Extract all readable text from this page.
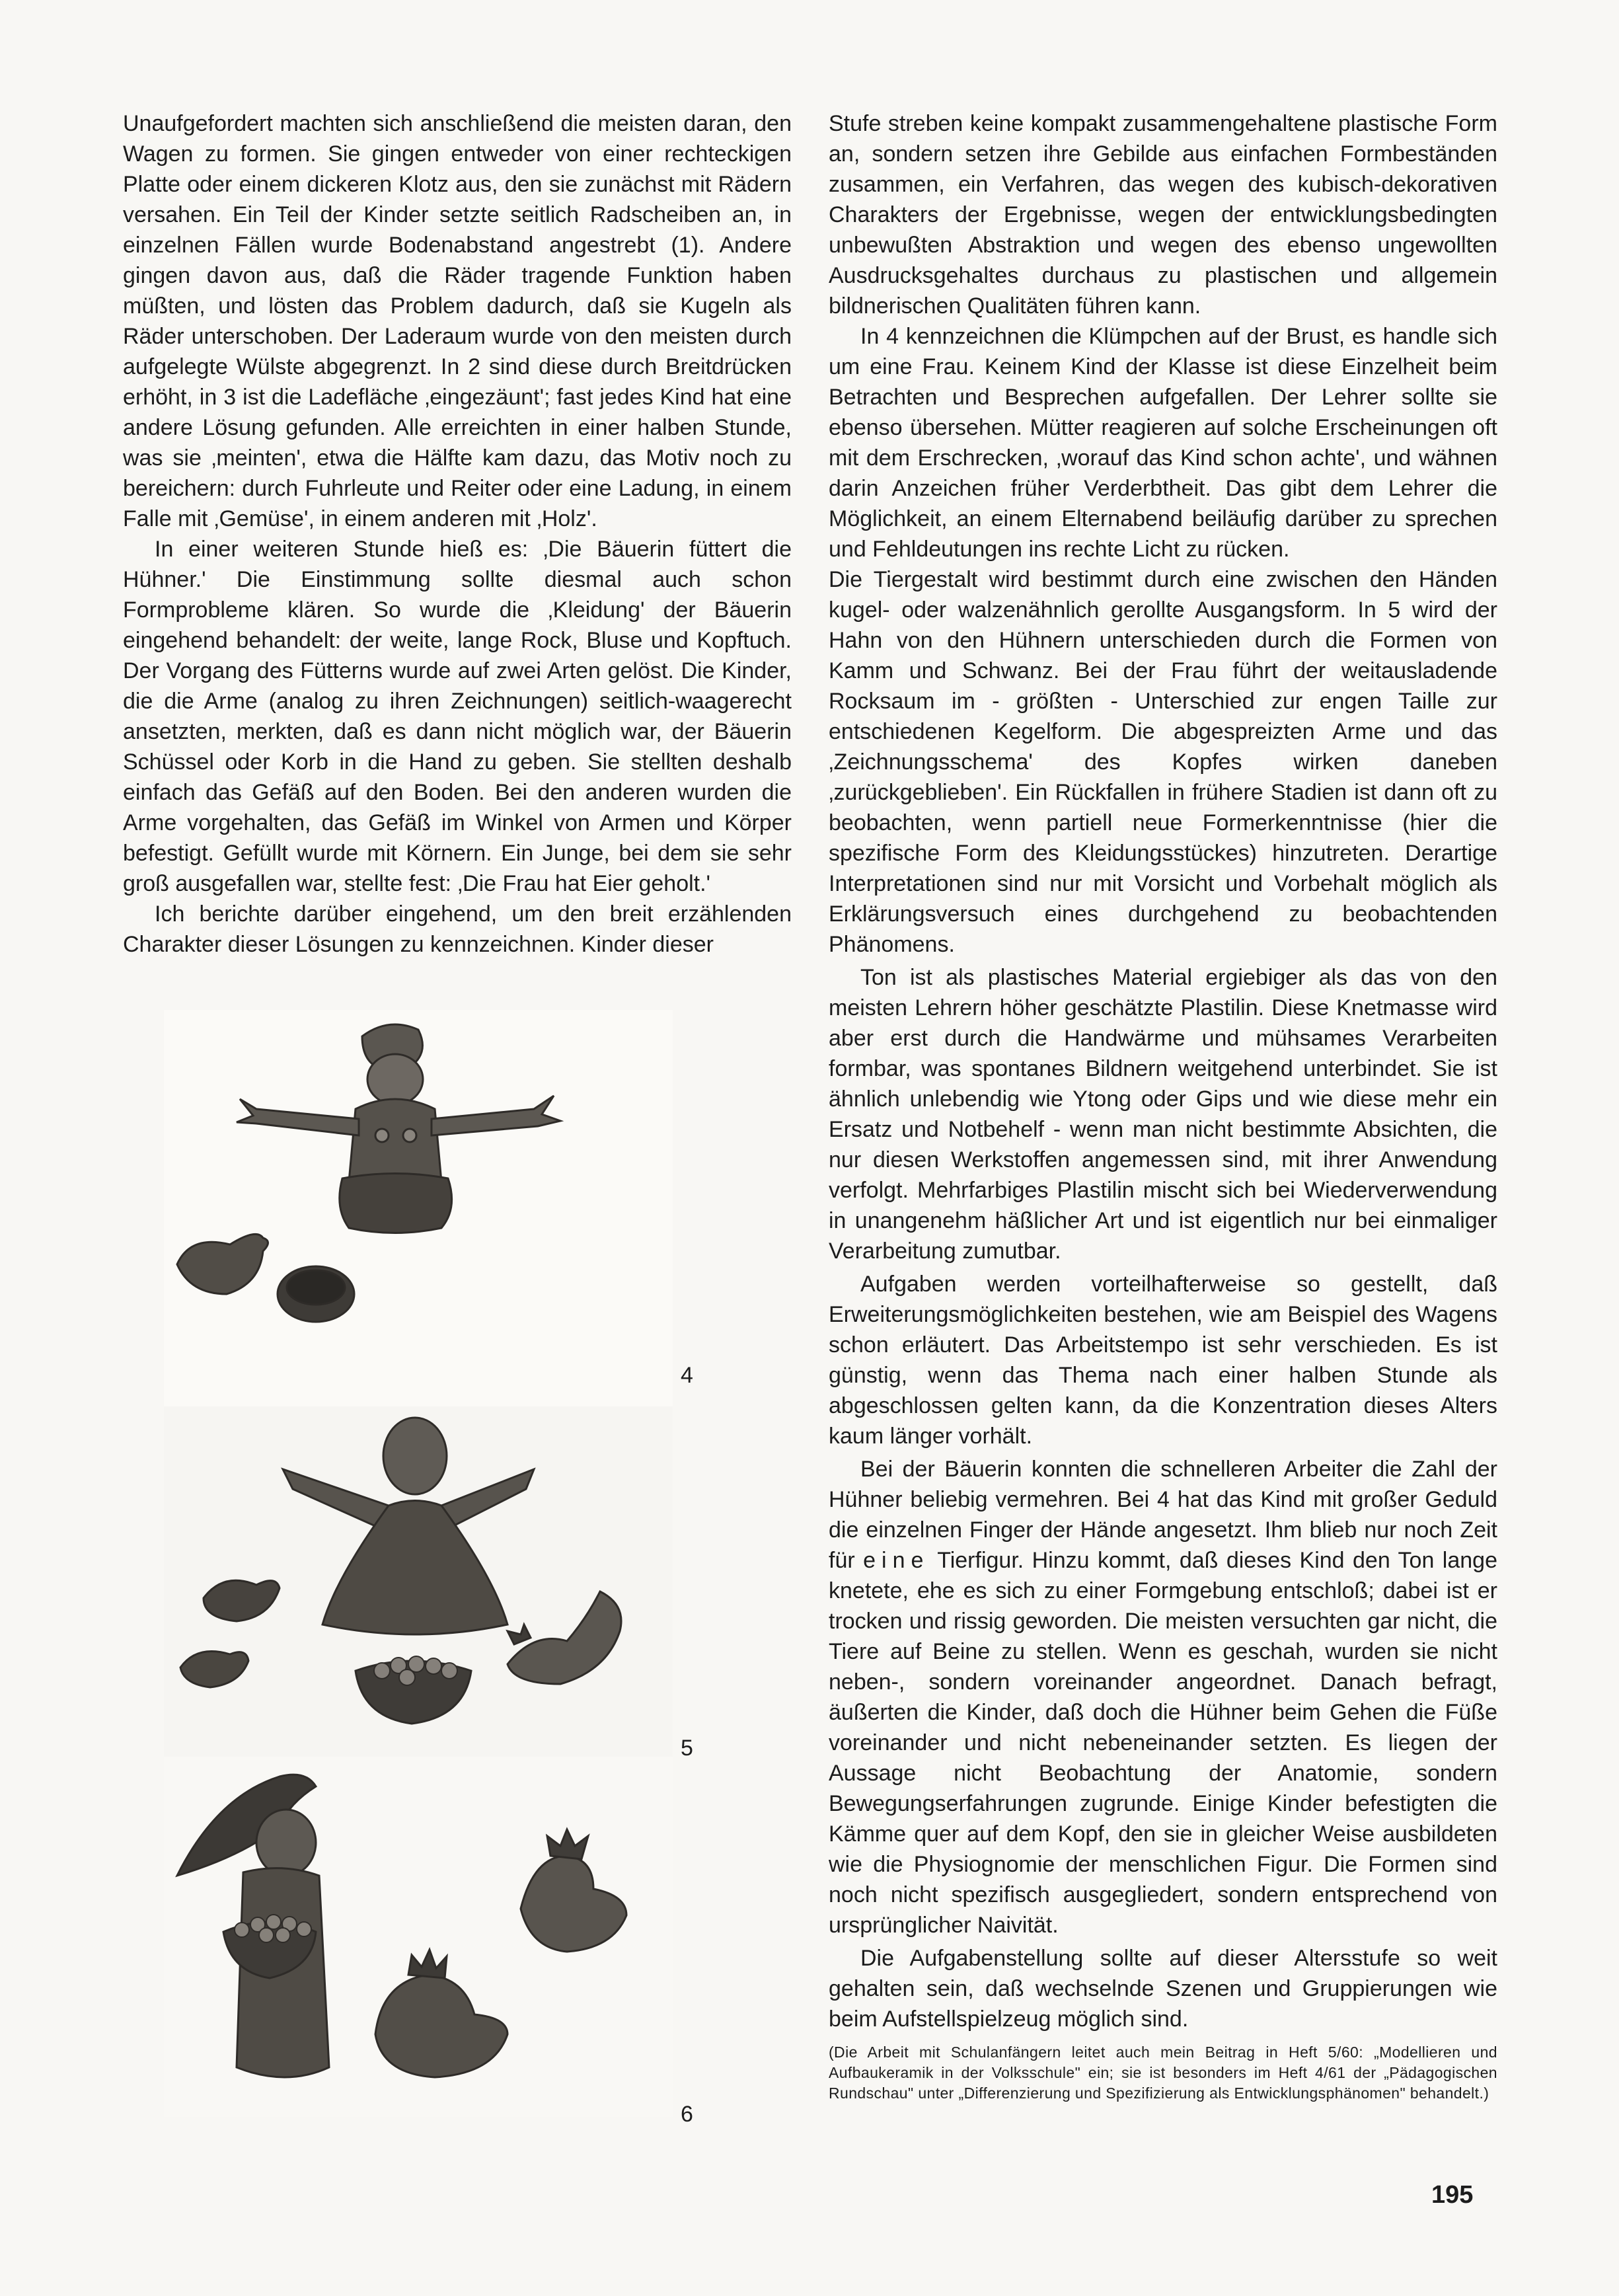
Unaufgefordert machten sich anschließend die meisten daran, den Wagen zu formen. Sie gingen entweder von einer rechteckigen Platte oder einem dickeren Klotz aus, den sie zunächst mit Rädern versahen. Ein Teil der Kinder setzte seitlich Radscheiben an, in einzelnen Fällen wurde Bodenabstand angestrebt (1). Andere gingen davon aus, daß die Räder tragende Funktion haben müßten, und lösten das Problem dadurch, daß sie Kugeln als Räder unterschoben. Der Laderaum wurde von den meisten durch aufgelegte Wülste abgegrenzt. In 2 sind diese durch Breitdrücken erhöht, in 3 ist die Ladefläche ‚eingezäunt'; fast jedes Kind hat eine andere Lösung gefunden. Alle erreichten in einer halben Stunde, was sie ‚meinten', etwa die Hälfte kam dazu, das Motiv noch zu bereichern: durch Fuhrleute und Reiter oder eine Ladung, in einem Falle mit ‚Gemüse', in einem anderen mit ‚Holz'.

In einer weiteren Stunde hieß es: ‚Die Bäuerin füttert die Hühner.' Die Einstimmung sollte diesmal auch schon Formprobleme klären. So wurde die ‚Kleidung' der Bäuerin eingehend behandelt: der weite, lange Rock, Bluse und Kopftuch. Der Vorgang des Fütterns wurde auf zwei Arten gelöst. Die Kinder, die die Arme (analog zu ihren Zeichnungen) seitlich-waagerecht ansetzten, merkten, daß es dann nicht möglich war, der Bäuerin Schüssel oder Korb in die Hand zu geben. Sie stellten deshalb einfach das Gefäß auf den Boden. Bei den anderen wurden die Arme vorgehalten, das Gefäß im Winkel von Armen und Körper befestigt. Gefüllt wurde mit Körnern. Ein Junge, bei dem sie sehr groß ausgefallen war, stellte fest: ‚Die Frau hat Eier geholt.'

Ich berichte darüber eingehend, um den breit erzählenden Charakter dieser Lösungen zu kennzeichnen. Kinder dieser

4
5
6

Stufe streben keine kompakt zusammengehaltene plastische Form an, sondern setzen ihre Gebilde aus einfachen Formbeständen zusammen, ein Verfahren, das wegen des kubisch-dekorativen Charakters der Ergebnisse, wegen der entwicklungsbedingten unbewußten Abstraktion und wegen des ebenso ungewollten Ausdrucksgehaltes durchaus zu plastischen und allgemein bildnerischen Qualitäten führen kann.

In 4 kennzeichnen die Klümpchen auf der Brust, es handle sich um eine Frau. Keinem Kind der Klasse ist diese Einzelheit beim Betrachten und Besprechen aufgefallen. Der Lehrer sollte sie ebenso übersehen. Mütter reagieren auf solche Erscheinungen oft mit dem Erschrecken, ‚worauf das Kind schon achte', und wähnen darin Anzeichen früher Verderbtheit. Das gibt dem Lehrer die Möglichkeit, an einem Elternabend beiläufig darüber zu sprechen und Fehldeutungen ins rechte Licht zu rücken.

Die Tiergestalt wird bestimmt durch eine zwischen den Händen kugel- oder walzenähnlich gerollte Ausgangsform. In 5 wird der Hahn von den Hühnern unterschieden durch die Formen von Kamm und Schwanz. Bei der Frau führt der weitausladende Rocksaum im - größten - Unterschied zur engen Taille zur entschiedenen Kegelform. Die abgespreizten Arme und das ‚Zeichnungsschema' des Kopfes wirken daneben ‚zurückgeblieben'. Ein Rückfallen in frühere Stadien ist dann oft zu beobachten, wenn partiell neue Formerkenntnisse (hier die spezifische Form des Kleidungsstückes) hinzutreten. Derartige Interpretationen sind nur mit Vorsicht und Vorbehalt möglich als Erklärungsversuch eines durchgehend zu beobachtenden Phänomens.

Ton ist als plastisches Material ergiebiger als das von den meisten Lehrern höher geschätzte Plastilin. Diese Knetmasse wird aber erst durch die Handwärme und mühsames Verarbeiten formbar, was spontanes Bildnern weitgehend unterbindet. Sie ist ähnlich unlebendig wie Ytong oder Gips und wie diese mehr ein Ersatz und Notbehelf - wenn man nicht bestimmte Absichten, die nur diesen Werkstoffen angemessen sind, mit ihrer Anwendung verfolgt. Mehrfarbiges Plastilin mischt sich bei Wiederverwendung in unangenehm häßlicher Art und ist eigentlich nur bei einmaliger Verarbeitung zumutbar.

Aufgaben werden vorteilhafterweise so gestellt, daß Erweiterungsmöglichkeiten bestehen, wie am Beispiel des Wagens schon erläutert. Das Arbeitstempo ist sehr verschieden. Es ist günstig, wenn das Thema nach einer halben Stunde als abgeschlossen gelten kann, da die Konzentration dieses Alters kaum länger vorhält.

Bei der Bäuerin konnten die schnelleren Arbeiter die Zahl der Hühner beliebig vermehren. Bei 4 hat das Kind mit großer Geduld die einzelnen Finger der Hände angesetzt. Ihm blieb nur noch Zeit für eine Tierfigur. Hinzu kommt, daß dieses Kind den Ton lange knetete, ehe es sich zu einer Formgebung entschloß; dabei ist er trocken und rissig geworden. Die meisten versuchten gar nicht, die Tiere auf Beine zu stellen. Wenn es geschah, wurden sie nicht neben-, sondern voreinander angeordnet. Danach befragt, äußerten die Kinder, daß doch die Hühner beim Gehen die Füße voreinander und nicht nebeneinander setzten. Es liegen der Aussage nicht Beobachtung der Anatomie, sondern Bewegungserfahrungen zugrunde. Einige Kinder befestigten die Kämme quer auf dem Kopf, den sie in gleicher Weise ausbildeten wie die Physiognomie der menschlichen Figur. Die Formen sind noch nicht spezifisch ausgegliedert, sondern entsprechend von ursprünglicher Naivität.

Die Aufgabenstellung sollte auf dieser Altersstufe so weit gehalten sein, daß wechselnde Szenen und Gruppierungen wie beim Aufstellspielzeug möglich sind.

(Die Arbeit mit Schulanfängern leitet auch mein Beitrag in Heft 5/60: „Modellieren und Aufbaukeramik in der Volksschule" ein; sie ist besonders im Heft 4/61 der „Pädagogischen Rundschau" unter „Differenzierung und Spezifizierung als Entwicklungsphänomen" behandelt.)

195
